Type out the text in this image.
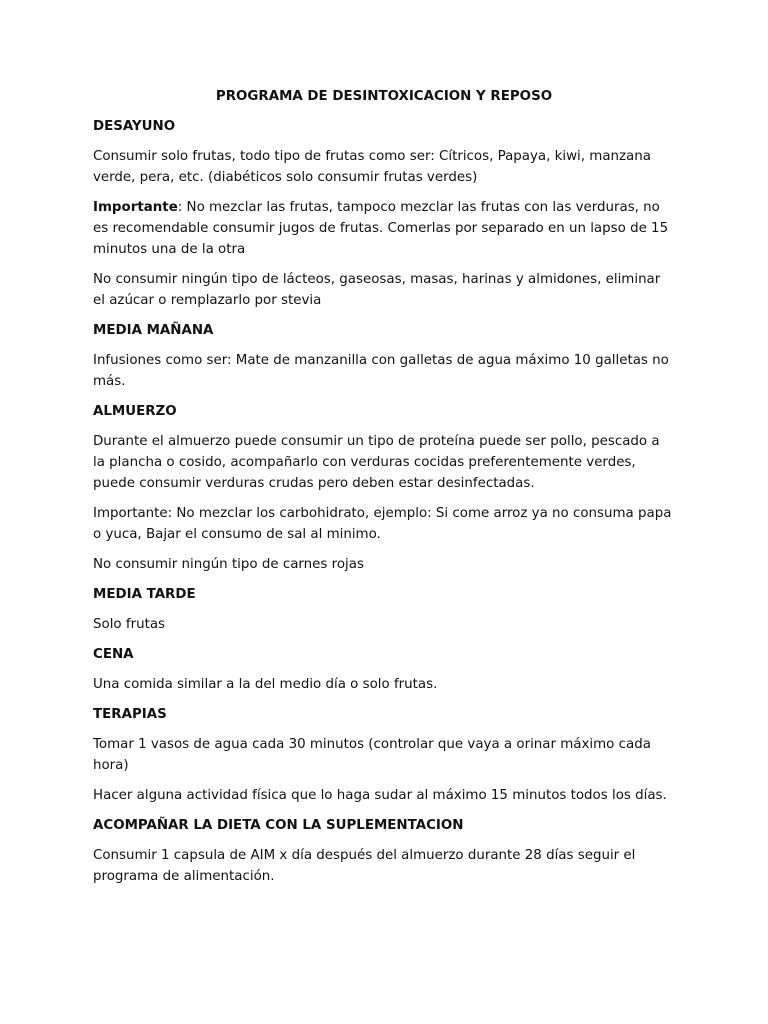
PROGRAMA DE DESINTOXICACION Y REPOSO
DESAYUNO
Consumir solo frutas, todo tipo de frutas como ser: Cítricos, Papaya, kiwi, manzana verde, pera, etc. (diabéticos solo consumir frutas verdes)
Importante: No mezclar las frutas, tampoco mezclar las frutas con las verduras, no es recomendable consumir jugos de frutas. Comerlas por separado en un lapso de 15 minutos una de la otra
No consumir ningún tipo de lácteos, gaseosas, masas, harinas y almidones, eliminar el azúcar o remplazarlo por stevia
MEDIA MAÑANA
Infusiones como ser: Mate de manzanilla con galletas de agua máximo 10 galletas no más.
ALMUERZO
Durante el almuerzo puede consumir un tipo de proteína puede ser pollo, pescado a la plancha o cosido, acompañarlo con verduras cocidas preferentemente verdes, puede consumir verduras crudas pero deben estar desinfectadas.
Importante: No mezclar los carbohidrato, ejemplo: Si come arroz ya no consuma papa o yuca, Bajar el consumo de sal al minimo.
No consumir ningún tipo de carnes rojas
MEDIA TARDE
Solo frutas
CENA
Una comida similar a la del medio día o solo frutas.
TERAPIAS
Tomar 1 vasos de agua cada 30 minutos (controlar que vaya a orinar máximo cada hora)
Hacer alguna actividad física que lo haga sudar al máximo 15 minutos todos los días.
ACOMPAÑAR LA DIETA CON LA SUPLEMENTACION
Consumir 1 capsula de AIM x día después del almuerzo durante 28 días seguir el programa de alimentación.
